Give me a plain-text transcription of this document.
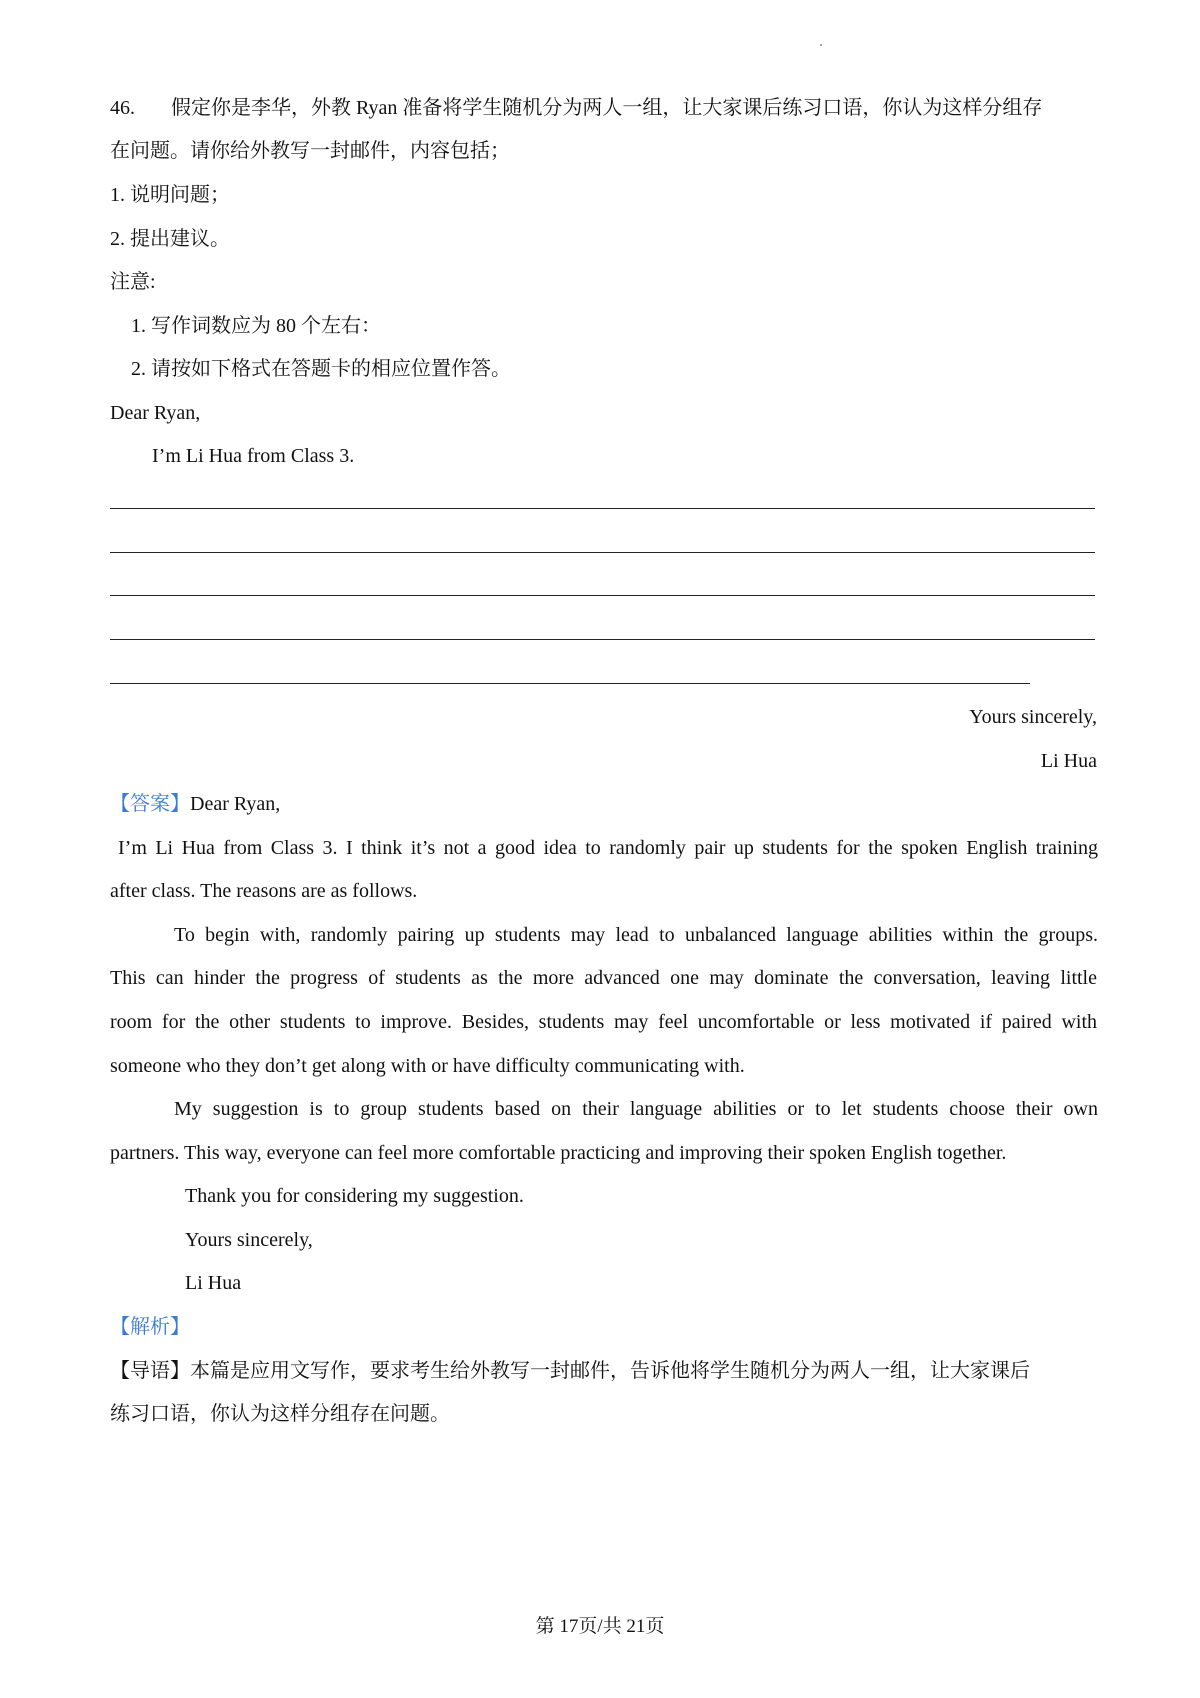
46. 假定你是李华，外教 Ryan 准备将学生随机分为两人一组，让大家课后练习口语，你认为这样分组存
在问题。请你给外教写一封邮件，内容包括；
1. 说明问题；
2. 提出建议。
注意:
1. 写作词数应为 80 个左右：
2. 请按如下格式在答题卡的相应位置作答。
Dear Ryan,
I’m Li Hua from Class 3.
Yours sincerely,
Li Hua
【答案】Dear Ryan,
I’m Li Hua from Class 3. I think it’s not a good idea to randomly pair up students for the spoken English training
after class. The reasons are as follows.
To begin with, randomly pairing up students may lead to unbalanced language abilities within the groups.
This can hinder the progress of students as the more advanced one may dominate the conversation, leaving little
room for the other students to improve. Besides, students may feel uncomfortable or less motivated if paired with
someone who they don’t get along with or have difficulty communicating with.
My suggestion is to group students based on their language abilities or to let students choose their own
partners. This way, everyone can feel more comfortable practicing and improving their spoken English together.
Thank you for considering my suggestion.
Yours sincerely,
Li Hua
【解析】
【导语】本篇是应用文写作，要求考生给外教写一封邮件，告诉他将学生随机分为两人一组，让大家课后
练习口语，你认为这样分组存在问题。
第 17页/共 21页
